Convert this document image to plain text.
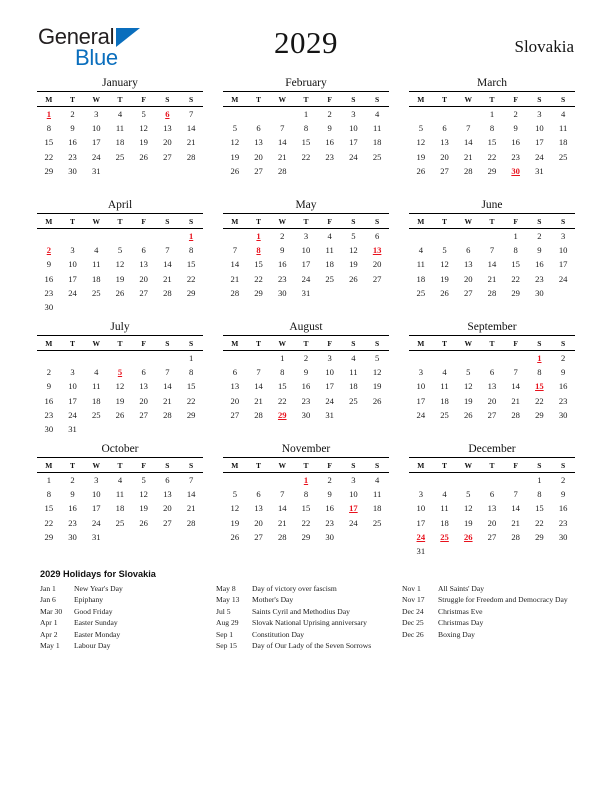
General
Blue	2029	Slovakia
January
M	T	W	T	F	S	S
1	2	3	4	5	6	7
8	9	10	11	12	13	14
15	16	17	18	19	20	21
22	23	24	25	26	27	28
29	30	31				
February
M	T	W	T	F	S	S
			1	2	3	4
5	6	7	8	9	10	11
12	13	14	15	16	17	18
19	20	21	22	23	24	25
26	27	28				
March
M	T	W	T	F	S	S
			1	2	3	4
5	6	7	8	9	10	11
12	13	14	15	16	17	18
19	20	21	22	23	24	25
26	27	28	29	30	31	
April
M	T	W	T	F	S	S
						1
2	3	4	5	6	7	8
9	10	11	12	13	14	15
16	17	18	19	20	21	22
23	24	25	26	27	28	29
30						
May
M	T	W	T	F	S	S
	1	2	3	4	5	6
7	8	9	10	11	12	13
14	15	16	17	18	19	20
21	22	23	24	25	26	27
28	29	30	31			
June
M	T	W	T	F	S	S
				1	2	3
4	5	6	7	8	9	10
11	12	13	14	15	16	17
18	19	20	21	22	23	24
25	26	27	28	29	30	
July
M	T	W	T	F	S	S
						1
2	3	4	5	6	7	8
9	10	11	12	13	14	15
16	17	18	19	20	21	22
23	24	25	26	27	28	29
30	31					
August
M	T	W	T	F	S	S
		1	2	3	4	5
6	7	8	9	10	11	12
13	14	15	16	17	18	19
20	21	22	23	24	25	26
27	28	29	30	31		
September
M	T	W	T	F	S	S
					1	2
3	4	5	6	7	8	9
10	11	12	13	14	15	16
17	18	19	20	21	22	23
24	25	26	27	28	29	30
October
M	T	W	T	F	S	S
1	2	3	4	5	6	7
8	9	10	11	12	13	14
15	16	17	18	19	20	21
22	23	24	25	26	27	28
29	30	31				
November
M	T	W	T	F	S	S
			1	2	3	4
5	6	7	8	9	10	11
12	13	14	15	16	17	18
19	20	21	22	23	24	25
26	27	28	29	30		
December
M	T	W	T	F	S	S
					1	2
3	4	5	6	7	8	9
10	11	12	13	14	15	16
17	18	19	20	21	22	23
24	25	26	27	28	29	30
31						
2029 Holidays for Slovakia
Jan 1 New Year's Day
Jan 6 Epiphany
Mar 30 Good Friday
Apr 1 Easter Sunday
Apr 2 Easter Monday
May 1 Labour Day
May 8 Day of victory over fascism
May 13 Mother's Day
Jul 5	Saints Cyril and Methodius Day
Aug 29 Slovak National Uprising anniversary
Sep 1 Constitution Day
Sep 15 Day of Our Lady of the Seven Sorrows
Nov 1 All Saints' Day
Nov 17 Struggle for Freedom and Democracy Day
Dec 24 Christmas Eve
Dec 25 Christmas Day
Dec 26 Boxing Day
